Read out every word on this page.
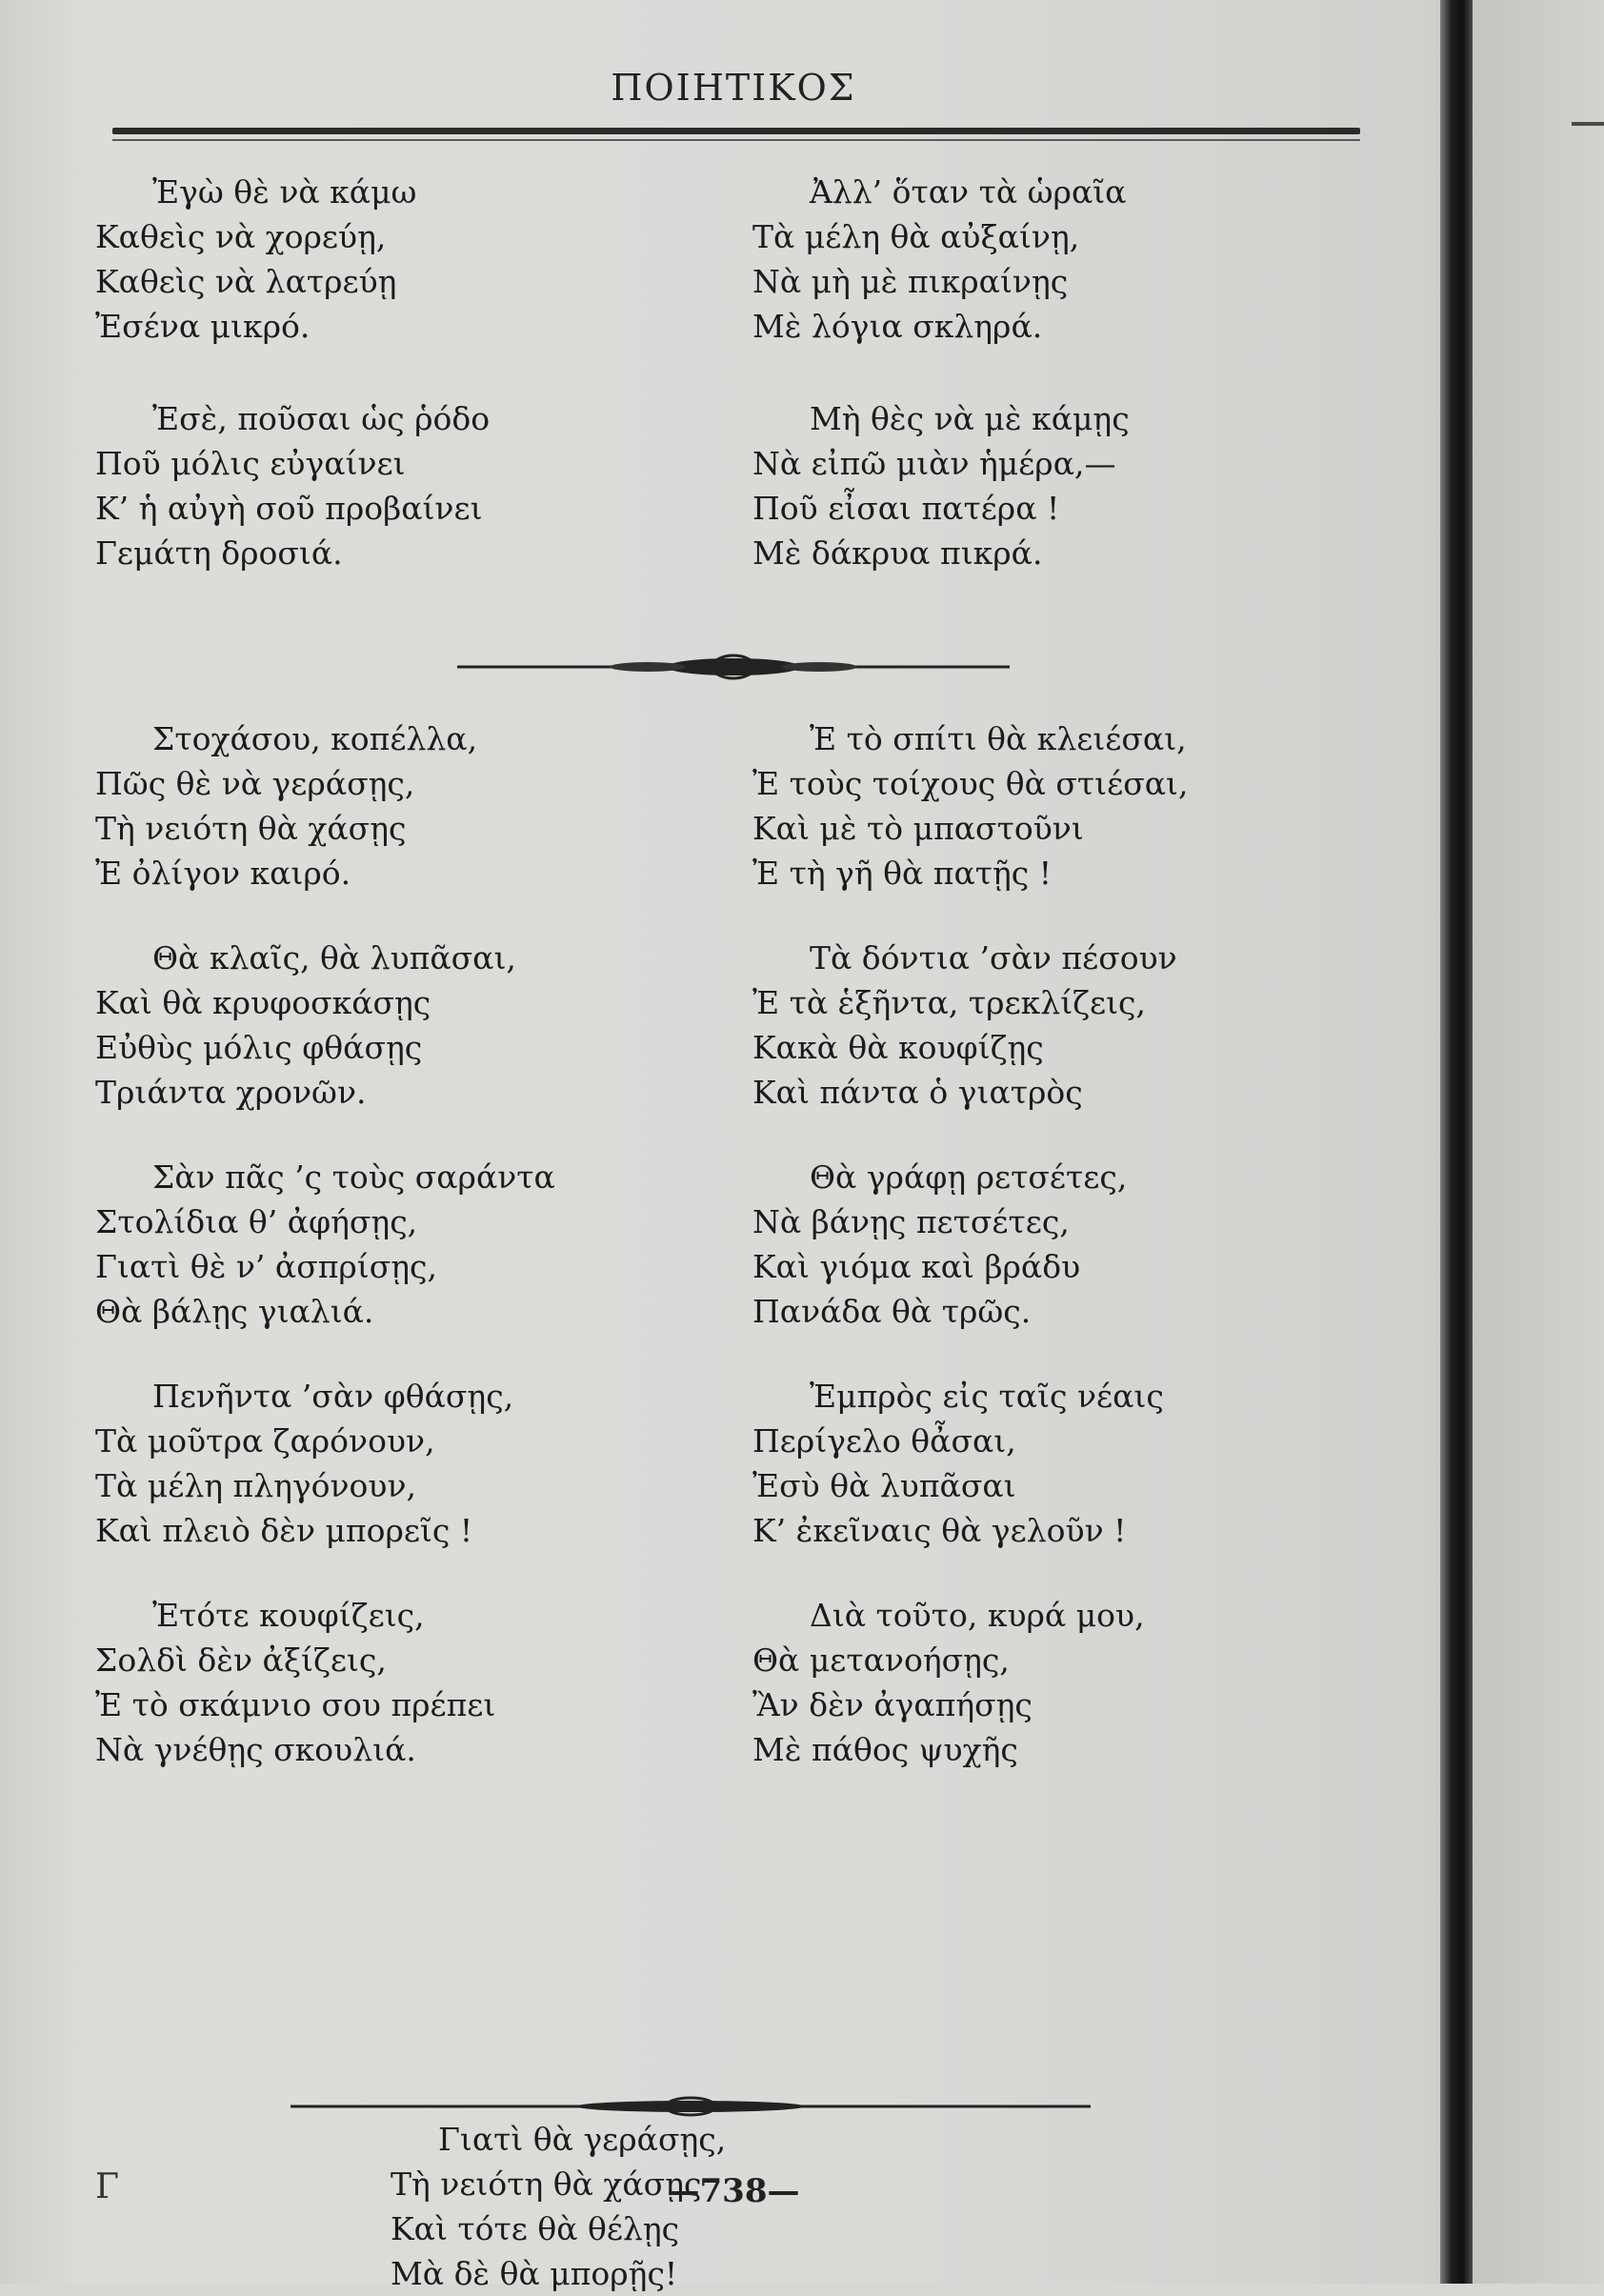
ΠΟΙΗΤΙΚΟΣ
Ἐγὼ θὲ νὰ κάμω
Καθεὶς νὰ χορεύῃ,
Καθεὶς νὰ λατρεύῃ
Ἐσένα μικρό.
Ἐσὲ, ποῦσαι ὡς ῥόδο
Ποῦ μόλις εὐγαίνει
Κ’ ἡ αὐγὴ σοῦ προβαίνει
Γεμάτη δροσιά.
Ἀλλ’ ὅταν τὰ ὡραῖα
Τὰ μέλη θὰ αὐξαίνῃ,
Νὰ μὴ μὲ πικραίνῃς
Μὲ λόγια σκληρά.
Μὴ θὲς νὰ μὲ κάμῃς
Νὰ εἰπῶ μιὰν ἡμέρα,—
Ποῦ εἶσαι πατέρα !
Μὲ δάκρυα πικρά.
Στοχάσου, κοπέλλα,
Πῶς θὲ νὰ γεράσῃς,
Τὴ νειότη θὰ χάσῃς
Ἐ ὀλίγον καιρό.
Θὰ κλαῖς, θὰ λυπᾶσαι,
Καὶ θὰ κρυφοσκάσῃς
Εὐθὺς μόλις φθάσῃς
Τριάντα χρονῶν.
Σὰν πᾶς ’ς τοὺς σαράντα
Στολίδια θ’ ἀφήσῃς,
Γιατὶ θὲ ν’ ἀσπρίσῃς,
Θὰ βάλῃς γιαλιά.
Πενῆντα ’σὰν φθάσῃς,
Τὰ μοῦτρα ζαρόνουν,
Τὰ μέλη πληγόνουν,
Καὶ πλειὸ δὲν μπορεῖς !
Ἐτότε κουφίζεις,
Σολδὶ δὲν ἀξίζεις,
Ἐ τὸ σκάμνιο σου πρέπει
Νὰ γνέθῃς σκουλιά.
Ἐ τὸ σπίτι θὰ κλειέσαι,
Ἐ τοὺς τοίχους θὰ στιέσαι,
Καὶ μὲ τὸ μπαστοῦνι
Ἐ τὴ γῆ θὰ πατῇς !
Τὰ δόντια ’σὰν πέσουν
Ἐ τὰ ἑξῆντα, τρεκλίζεις,
Κακὰ θὰ κουφίζῃς
Καὶ πάντα ὁ γιατρὸς
Θὰ γράφῃ ρετσέτες,
Νὰ βάνῃς πετσέτες,
Καὶ γιόμα καὶ βράδυ
Πανάδα θὰ τρῶς.
Ἐμπρὸς εἰς ταῖς νέαις
Περίγελο θἆσαι,
Ἐσὺ θὰ λυπᾶσαι
Κ’ ἐκεῖναις θὰ γελοῦν !
Διὰ τοῦτο, κυρά μου,
Θὰ μετανοήσῃς,
Ἂν δὲν ἀγαπήσῃς
Μὲ πάθος ψυχῆς
Γιατὶ θὰ γεράσῃς,
Τὴ νειότη θὰ χάσῃς
Καὶ τότε θὰ θέλῃς
Μὰ δὲ θὰ μπορῇς!
Γ	—738—
